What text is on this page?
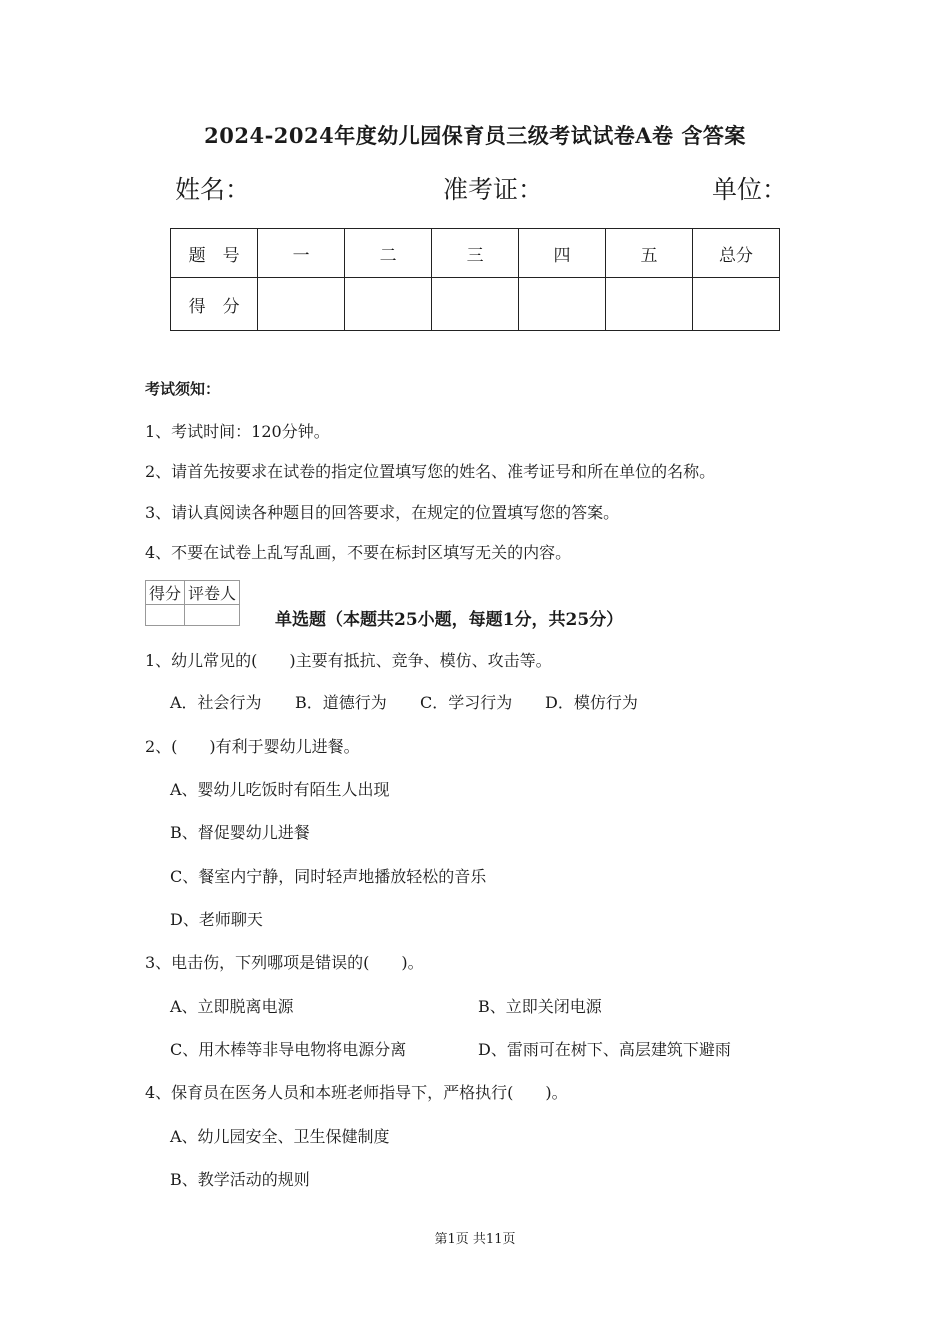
2024-2024年度幼儿园保育员三级考试试卷A卷 含答案
姓名：	准考证：	单位：
题　号	一	二	三	四	五	总分
得　分						
考试须知：
1、考试时间：120分钟。
2、请首先按要求在试卷的指定位置填写您的姓名、准考证号和所在单位的名称。
3、请认真阅读各种题目的回答要求，在规定的位置填写您的答案。
4、不要在试卷上乱写乱画，不要在标封区填写无关的内容。
得分	评卷人

单选题（本题共25小题，每题1分，共25分）
1、幼儿常见的(　　)主要有抵抗、竞争、模仿、攻击等。
A．社会行为 B．道德行为 C．学习行为 D．模仿行为
2、(　　)有利于婴幼儿进餐。
A、婴幼儿吃饭时有陌生人出现
B、督促婴幼儿进餐
C、餐室内宁静，同时轻声地播放轻松的音乐
D、老师聊天
3、电击伤，下列哪项是错误的(　　)。
A、立即脱离电源	B、立即关闭电源
C、用木棒等非导电物将电源分离	D、雷雨可在树下、高层建筑下避雨
4、保育员在医务人员和本班老师指导下，严格执行(　　)。
A、幼儿园安全、卫生保健制度
B、教学活动的规则
第1页 共11页
